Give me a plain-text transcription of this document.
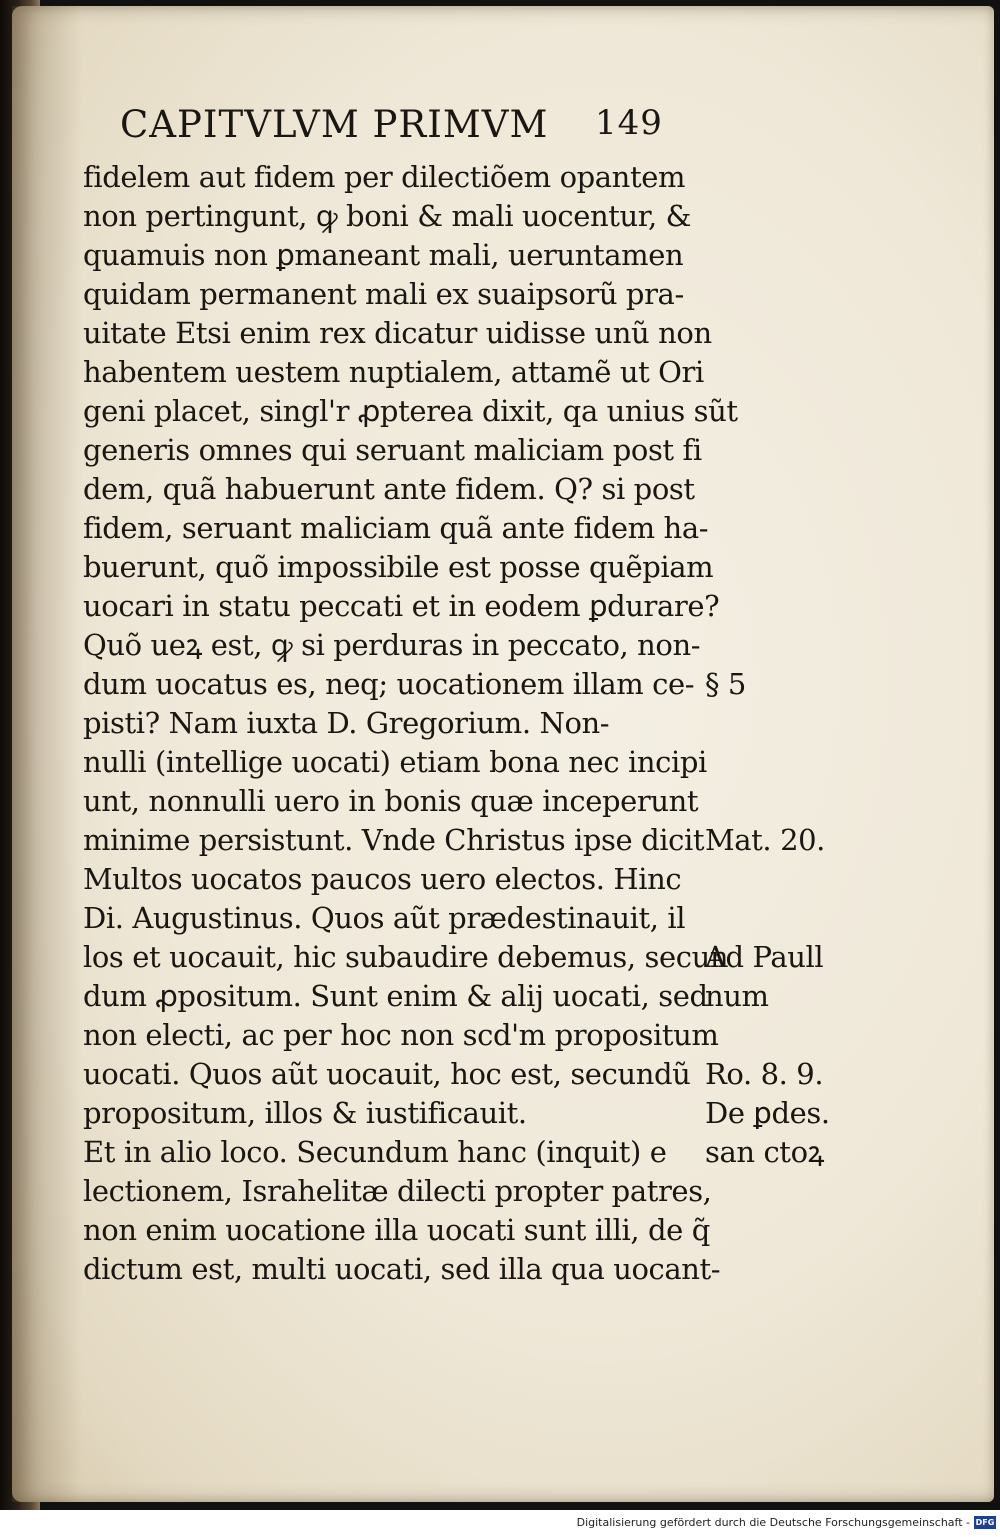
CAPITVLVM PRIMVM 149
fidelem aut fidem per dilectiõem opantem
non pertingunt, ꝙ boni & mali uocentur, &
quamuis non ꝑmaneant mali, ueruntamen
quidam permanent mali ex suaipsorũ pra-
uitate Etsi enim rex dicatur uidisse unũ non
habentem uestem nuptialem, attamẽ ut Ori
geni placet, singl'r ꝓpterea dixit, qa unius sũt
generis omnes qui seruant maliciam post fi
dem, quã habuerunt ante fidem. Q? si post
fidem, seruant maliciam quã ante fidem ha-
buerunt, quõ impossibile est posse quẽpiam
uocari in statu peccati et in eodem ꝑdurare?
Quõ ueꝝ est, ꝙ si perduras in peccato, non-
dum uocatus es, neq; uocationem illam ce-
pisti? Nam iuxta D. Gregorium. Non-
nulli (intellige uocati) etiam bona nec incipi
unt, nonnulli uero in bonis quæ inceperunt
minime persistunt. Vnde Christus ipse dicit
Multos uocatos paucos uero electos. Hinc
Di. Augustinus. Quos aũt prædestinauit, il
los et uocauit, hic subaudire debemus, secun
dum ꝓpositum. Sunt enim & alij uocati, sed
non electi, ac per hoc non scd'm propositum
uocati. Quos aũt uocauit, hoc est, secundũ
propositum, illos & iustificauit.
Et in alio loco. Secundum hanc (inquit) e
lectionem, Israhelitæ dilecti propter patres,
non enim uocatione illa uocati sunt illi, de q̃
dictum est, multi uocati, sed illa qua uocant-
§ 5
Mat. 20.
Ad Paull
num
Ro. 8. 9.
De ꝑdes.
san ctoꝝ
Digitalisierung gefördert durch die Deutsche Forschungsgemeinschaft - DFG
